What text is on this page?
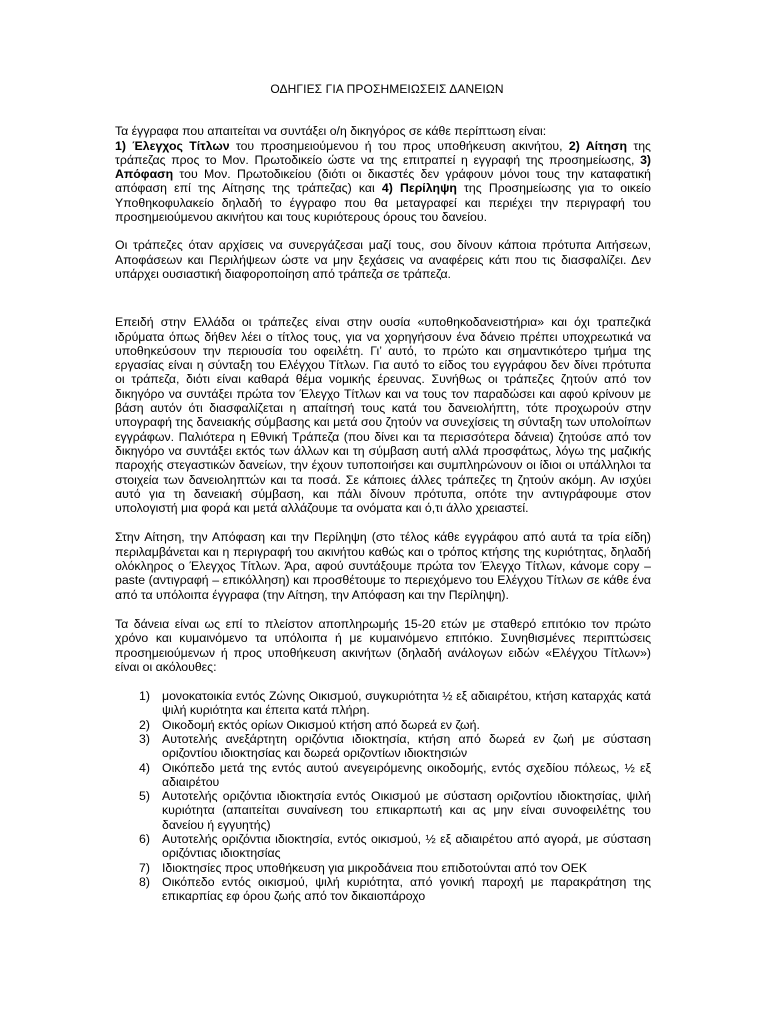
ΟΔΗΓΙΕΣ ΓΙΑ ΠΡΟΣΗΜΕΙΩΣΕΙΣ ΔΑΝΕΙΩΝ

Τα έγγραφα που απαιτείται να συντάξει ο/η δικηγόρος σε κάθε περίπτωση είναι:
1) Έλεγχος Τίτλων του προσημειούμενου ή του προς υποθήκευση ακινήτου, 2) Αίτηση της τράπεζας προς το Μον. Πρωτοδικείο ώστε να της επιτραπεί η εγγραφή της προσημείωσης, 3) Απόφαση του Μον. Πρωτοδικείου (διότι οι δικαστές δεν γράφουν μόνοι τους την καταφατική απόφαση επί της Αίτησης της τράπεζας) και 4) Περίληψη της Προσημείωσης για το οικείο Υποθηκοφυλακείο δηλαδή το έγγραφο που θα μεταγραφεί και περιέχει την περιγραφή του προσημειούμενου ακινήτου και τους κυριότερους όρους του δανείου.

Οι τράπεζες όταν αρχίσεις να συνεργάζεσαι μαζί τους, σου δίνουν κάποια πρότυπα Αιτήσεων, Αποφάσεων και Περιλήψεων ώστε να μην ξεχάσεις να αναφέρεις κάτι που τις διασφαλίζει. Δεν υπάρχει ουσιαστική διαφοροποίηση από τράπεζα σε τράπεζα.

Επειδή στην Ελλάδα οι τράπεζες είναι στην ουσία «υποθηκοδανειστήρια» και όχι τραπεζικά ιδρύματα όπως δήθεν λέει ο τίτλος τους, για να χορηγήσουν ένα δάνειο πρέπει υποχρεωτικά να υποθηκεύσουν την περιουσία του οφειλέτη. Γι’ αυτό, το πρώτο και σημαντικότερο τμήμα της εργασίας είναι η σύνταξη του Ελέγχου Τίτλων. Για αυτό το είδος του εγγράφου δεν δίνει πρότυπα οι τράπεζα, διότι είναι καθαρά θέμα νομικής έρευνας. Συνήθως οι τράπεζες ζητούν από τον δικηγόρο να συντάξει πρώτα τον Έλεγχο Τίτλων και να τους τον παραδώσει και αφού κρίνουν με βάση αυτόν ότι διασφαλίζεται η απαίτησή τους κατά του δανειολήπτη, τότε προχωρούν στην υπογραφή της δανειακής σύμβασης και μετά σου ζητούν να συνεχίσεις τη σύνταξη των υπολοίπων εγγράφων. Παλιότερα η Εθνική Τράπεζα (που δίνει και τα περισσότερα δάνεια) ζητούσε από τον δικηγόρο να συντάξει εκτός των άλλων και τη σύμβαση αυτή αλλά προσφάτως, λόγω της μαζικής παροχής στεγαστικών δανείων, την έχουν τυποποιήσει και συμπληρώνουν οι ίδιοι οι υπάλληλοι τα στοιχεία των δανειοληπτών και τα ποσά. Σε κάποιες άλλες τράπεζες τη ζητούν ακόμη. Αν ισχύει αυτό για τη δανειακή σύμβαση, και πάλι δίνουν πρότυπα, οπότε την αντιγράφουμε στον υπολογιστή μια φορά και μετά αλλάζουμε τα ονόματα και ό,τι άλλο χρειαστεί.

Στην Αίτηση, την Απόφαση και την Περίληψη (στο τέλος κάθε εγγράφου από αυτά τα τρία είδη) περιλαμβάνεται και η περιγραφή του ακινήτου καθώς και ο τρόπος κτήσης της κυριότητας, δηλαδή ολόκληρος ο Έλεγχος Τίτλων. Άρα, αφού συντάξουμε πρώτα τον Έλεγχο Τίτλων, κάνομε copy – paste (αντιγραφή – επικόλληση) και προσθέτουμε το περιεχόμενο του Ελέγχου Τίτλων σε κάθε ένα από τα υπόλοιπα έγγραφα (την Αίτηση, την Απόφαση και την Περίληψη).

Τα δάνεια είναι ως επί το πλείστον αποπληρωμής 15-20 ετών με σταθερό επιτόκιο τον πρώτο χρόνο και κυμαινόμενο τα υπόλοιπα ή με κυμαινόμενο επιτόκιο. Συνηθισμένες περιπτώσεις προσημειούμενων ή προς υποθήκευση ακινήτων (δηλαδή ανάλογων ειδών «Ελέγχου Τίτλων») είναι οι ακόλουθες:

1) μονοκατοικία εντός Ζώνης Οικισμού, συγκυριότητα ½ εξ αδιαιρέτου, κτήση καταρχάς κατά ψιλή κυριότητα και έπειτα κατά πλήρη.
2) Οικοδομή εκτός ορίων Οικισμού κτήση από δωρεά εν ζωή.
3) Αυτοτελής ανεξάρτητη οριζόντια ιδιοκτησία, κτήση από δωρεά εν ζωή με σύσταση οριζοντίου ιδιοκτησίας και δωρεά οριζοντίων ιδιοκτησιών
4) Οικόπεδο μετά της εντός αυτού ανεγειρόμενης οικοδομής, εντός σχεδίου πόλεως, ½ εξ αδιαιρέτου
5) Αυτοτελής οριζόντια ιδιοκτησία εντός Οικισμού με σύσταση οριζοντίου ιδιοκτησίας, ψιλή κυριότητα (απαιτείται συναίνεση του επικαρπωτή και ας μην είναι συνοφειλέτης του δανείου ή εγγυητής)
6) Αυτοτελής οριζόντια ιδιοκτησία, εντός οικισμού, ½ εξ αδιαιρέτου από αγορά, με σύσταση οριζόντιας ιδιοκτησίας
7) Ιδιοκτησίες προς υποθήκευση για μικροδάνεια που επιδοτούνται από τον ΟΕΚ
8) Οικόπεδο εντός οικισμού, ψιλή κυριότητα, από γονική παροχή με παρακράτηση της επικαρπίας εφ όρου ζωής από τον δικαιοπάροχο
